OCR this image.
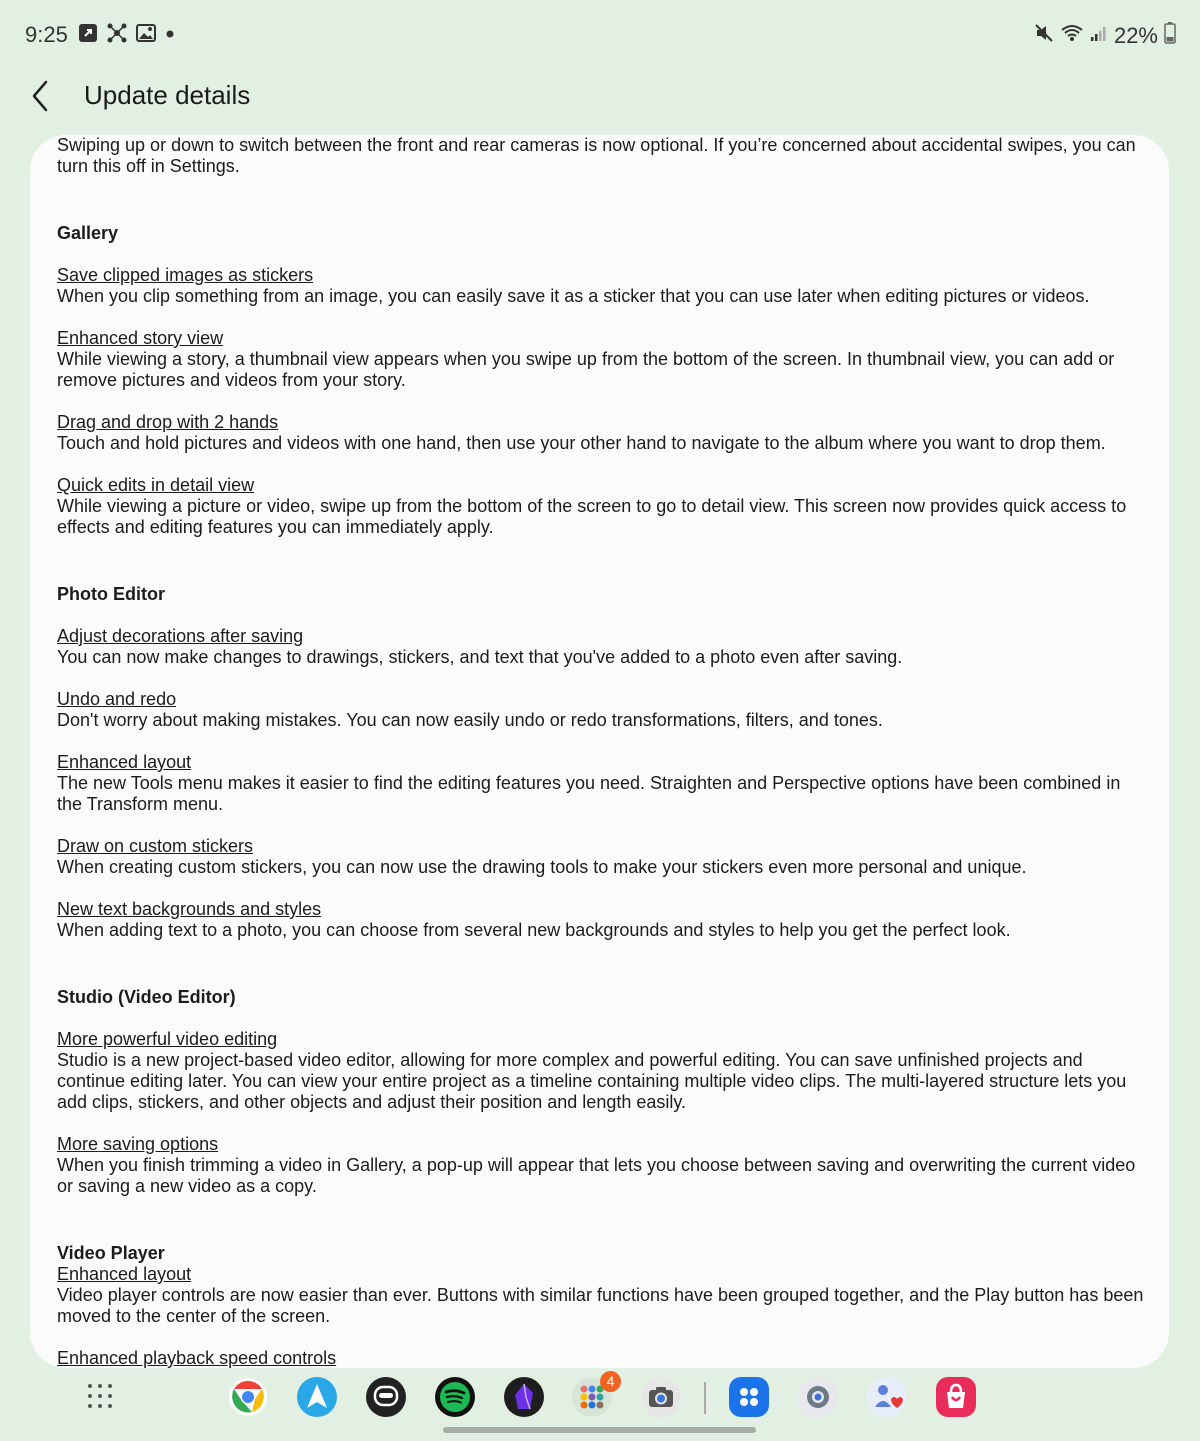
9:25	22%
Update details

Swiping up or down to switch between the front and rear cameras is now optional. If you’re concerned about accidental swipes, you can turn this off in Settings.

Gallery

Save clipped images as stickers

When you clip something from an image, you can easily save it as a sticker that you can use later when editing pictures or videos.

Enhanced story view

While viewing a story, a thumbnail view appears when you swipe up from the bottom of the screen. In thumbnail view, you can add or remove pictures and videos from your story.

Drag and drop with 2 hands

Touch and hold pictures and videos with one hand, then use your other hand to navigate to the album where you want to drop them.

Quick edits in detail view

While viewing a picture or video, swipe up from the bottom of the screen to go to detail view. This screen now provides quick access to effects and editing features you can immediately apply.

Photo Editor

Adjust decorations after saving

You can now make changes to drawings, stickers, and text that you've added to a photo even after saving.

Undo and redo

Don't worry about making mistakes. You can now easily undo or redo transformations, filters, and tones.

Enhanced layout

The new Tools menu makes it easier to find the editing features you need. Straighten and Perspective options have been combined in the Transform menu.

Draw on custom stickers

When creating custom stickers, you can now use the drawing tools to make your stickers even more personal and unique.

New text backgrounds and styles

When adding text to a photo, you can choose from several new backgrounds and styles to help you get the perfect look.

Studio (Video Editor)

More powerful video editing

Studio is a new project-based video editor, allowing for more complex and powerful editing. You can save unfinished projects and continue editing later. You can view your entire project as a timeline containing multiple video clips. The multi-layered structure lets you add clips, stickers, and other objects and adjust their position and length easily.

More saving options

When you finish trimming a video in Gallery, a pop-up will appear that lets you choose between saving and overwriting the current video or saving a new video as a copy.

Video Player

Enhanced layout

Video player controls are now easier than ever. Buttons with similar functions have been grouped together, and the Play button has been moved to the center of the screen.

Enhanced playback speed controls

4
